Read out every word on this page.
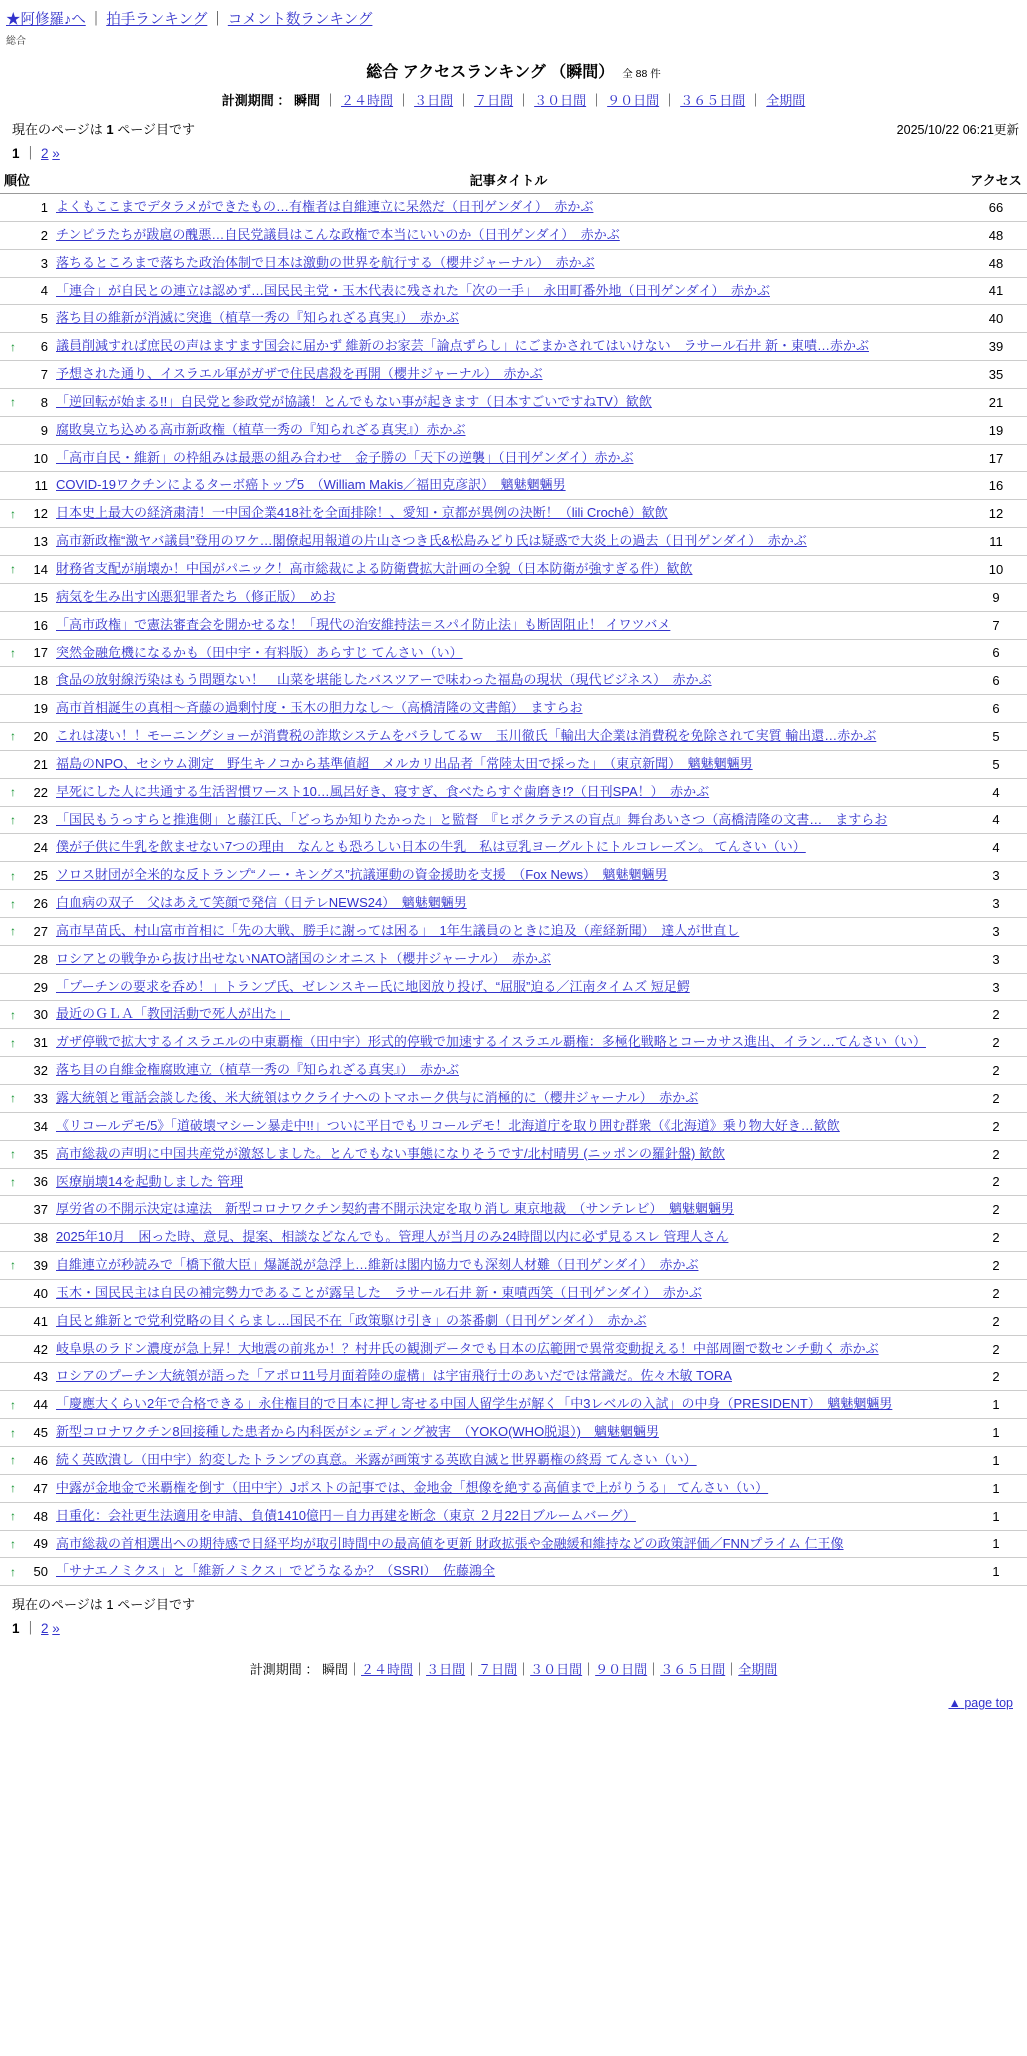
★阿修羅♪へ ｜ 拍手ランキング ｜ コメント数ランキング
総合
総合 アクセスランキング （瞬間） 全 88 件
計測期間 ： 瞬間 ｜ ２４時間 ｜ ３日間 ｜ ７日間 ｜ ３０日間 ｜ ９０日間 ｜ ３６５日間 ｜ 全期間
現在のページは 1 ページ目です	2025/10/22 06:21更新
1 ｜ 2 »
順位	記事タイトル	アクセス
1	よくもここまでデタラメができたもの…有権者は自維連立に呆然だ（日刊ゲンダイ）　赤かぶ	66
2	チンピラたちが跋扈の醜悪…自民党議員はこんな政権で本当にいいのか（日刊ゲンダイ）　赤かぶ	48
3	落ちるところまで落ちた政治体制で日本は激動の世界を航行する（櫻井ジャーナル）　赤かぶ	48
4	「連合」が自民との連立は認めず…国民民主党・玉木代表に残された「次の一手」　永田町番外地（日刊ゲンダイ）　赤かぶ	41
5	落ち目の維新が消滅に突進（植草一秀の『知られざる真実』）　赤かぶ	40

↑ 6	議員削減すれば庶民の声はますます国会に届かず 維新のお家芸「論点ずらし」にごまかされてはいけない　ラサール石井 新・東嘖…赤かぶ	39
7	予想された通り、イスラエル軍がガザで住民虐殺を再開（櫻井ジャーナル）　赤かぶ	35

↑ 8	「逆回転が始まる!!」自民党と参政党が協議！とんでもない事が起きます（日本すごいですねTV）歓飲	21
9	腐敗臭立ち込める高市新政権（植草一秀の『知られざる真実』）赤かぶ	19
10	「高市自民・維新」の枠組みは最悪の組み合わせ　金子勝の「天下の逆襲」（日刊ゲンダイ）赤かぶ	17
11	COVID-19ワクチンによるターボ癌トップ5　（William Makis／福田克彦訳）　魑魅魍魎男	16

↑ 12	日本史上最大の経済粛清！一中国企業418社を全面排除！、愛知・京都が異例の決断！（lili Crochê）歓飲	12
13	高市新政権“激ヤバ議員”登用のワケ…閣僚起用報道の片山さつき氏&松島みどり氏は疑惑で大炎上の過去（日刊ゲンダイ）　赤かぶ	11

↑ 14	財務省支配が崩壊か！中国がパニック！高市総裁による防衛費拡大計画の全貌（日本防衛が強すぎる件）歓飲	10
15	病気を生み出す凶悪犯罪者たち（修正版）　めお	9
16	「高市政権」で憲法審査会を開かせるな！「現代の治安維持法＝スパイ防止法」も断固阻止！ イワツバメ	7

↑ 17	突然金融危機になるかも（田中宇・有料版）あらすじ てんさい（い）	6
18	食品の放射線汚染はもう問題ない！　山菜を堪能したバスツアーで味わった福島の現状（現代ビジネス）　赤かぶ	6
19	高市首相誕生の真相〜斉藤の過剰忖度・玉木の胆力なし〜（高橋清隆の文書館）　ますらお	6

↑ 20	これは凄い！！モーニングショーが消費税の詐欺システムをバラしてるｗ　玉川徹氏「輸出大企業は消費税を免除されて実質 輸出還…赤かぶ	5
21	福島のNPO、セシウム測定　野生キノコから基準値超　メルカリ出品者「常陸太田で採った」　（東京新聞）　魑魅魍魎男	5

↑ 22	早死にした人に共通する生活習慣ワースト10…風呂好き、寝すぎ、食べたらすぐ歯磨き!?（日刊SPA！）　赤かぶ	4

↑ 23	「国民もうっすらと推進側」と藤江氏、「どっちか知りたかった」と監督　『ヒポクラテスの盲点』舞台あいさつ（高橋清隆の文書…　ますらお	4
24	僕が子供に牛乳を飲ませない7つの理由　なんとも恐ろしい日本の牛乳　私は豆乳ヨーグルトにトルコレーズン。 てんさい（い）	4

↑ 25	ソロス財団が全米的な反トランプ“ノー・キングス”抗議運動の資金援助を支援　（Fox News）　魑魅魍魎男	3

↑ 26	白血病の双子　父はあえて笑顔で発信（日テレNEWS24）　魑魅魍魎男	3

↑ 27	高市早苗氏、村山富市首相に「先の大戦、勝手に謝っては困る」　1年生議員のときに追及（産経新聞）　達人が世直し	3
28	ロシアとの戦争から抜け出せないNATO諸国のシオニスト（櫻井ジャーナル）　赤かぶ	3
29	「プーチンの要求を呑め！」トランプ氏、ゼレンスキー氏に地図放り投げ、“屈服”迫る／江南タイムズ 短足鰐	3

↑ 30	最近のＧＬＡ「教団活動で死人が出た」	2

↑ 31	ガザ停戦で拡大するイスラエルの中東覇権（田中宇）形式的停戦で加速するイスラエル覇権：多極化戦略とコーカサス進出、イラン…てんさい（い）	2
32	落ち目の自維金権腐敗連立（植草一秀の『知られざる真実』）　赤かぶ	2

↑ 33	露大統領と電話会談した後、米大統領はウクライナへのトマホーク供与に消極的に（櫻井ジャーナル）　赤かぶ	2
34	《リコールデモ/5》「道破壊マシーン暴走中!!」ついに平日でもリコールデモ！北海道庁を取り囲む群衆（《北海道》乗り物大好き…歓飲	2

↑ 35	高市総裁の声明に中国共産党が激怒しました。とんでもない事態になりそうです/北村晴男 (ニッポンの羅針盤) 歓飲	2

↑ 36	医療崩壊14を起動しました 管理	2
37	厚労省の不開示決定は違法　新型コロナワクチン契約書不開示決定を取り消し 東京地裁　（サンテレビ）　魑魅魍魎男	2
38	2025年10月　困った時、意見、提案、相談などなんでも。管理人が当月のみ24時間以内に必ず見るスレ 管理人さん	2

↑ 39	自維連立が秒読みで「橋下徹大臣」爆誕説が急浮上…維新は閣内協力でも深刻人材難（日刊ゲンダイ）　赤かぶ	2
40	玉木・国民民主は自民の補完勢力であることが露呈した　ラサール石井 新・東嘖西笑（日刊ゲンダイ）　赤かぶ	2
41	自民と維新とで党利党略の目くらまし…国民不在「政策駆け引き」の茶番劇（日刊ゲンダイ）　赤かぶ	2
42	岐阜県のラドン濃度が急上昇！大地震の前兆か！？村井氏の観測データでも日本の広範囲で異常変動捉える！中部周圏で数センチ動く 赤かぶ	2
43	ロシアのプーチン大統領が語った「アポロ11号月面着陸の虚構」は宇宙飛行士のあいだでは常識だ。佐々木敏 TORA	2

↑ 44	「慶應大くらい2年で合格できる」永住権目的で日本に押し寄せる中国人留学生が解く「中3レベルの入試」の中身（PRESIDENT）　魑魅魍魎男	1

↑ 45	新型コロナワクチン8回接種した患者から内科医がシェディング被害　（YOKO(WHO脱退）)　魑魅魍魎男	1

↑ 46	続く英欧潰し（田中宇）約変したトランプの真意。米露が画策する英欧自滅と世界覇権の終焉 てんさい（い）	1

↑ 47	中露が金地金で米覇権を倒す（田中宇）Jポストの記事では、金地金「想像を絶する高値まで上がりうる」 てんさい（い）	1

↑ 48	日重化：会社更生法適用を申請、負債1410億円－自力再建を断念（東京 ２月22日ブルームバーグ）	1

↑ 49	高市総裁の首相選出への期待感で日経平均が取引時間中の最高値を更新 財政拡張や金融緩和維持などの政策評価／FNNプライム 仁王像	1

↑ 50	「サナエノミクス」と「維新ノミクス」でどうなるか？（SSRI）　佐藤鴻全	1
現在のページは 1 ページ目です
1 ｜ 2 »
計測期間 ： 瞬間｜２４時間｜３日間｜７日間｜３０日間｜９０日間｜３６５日間｜全期間
▲ page top
